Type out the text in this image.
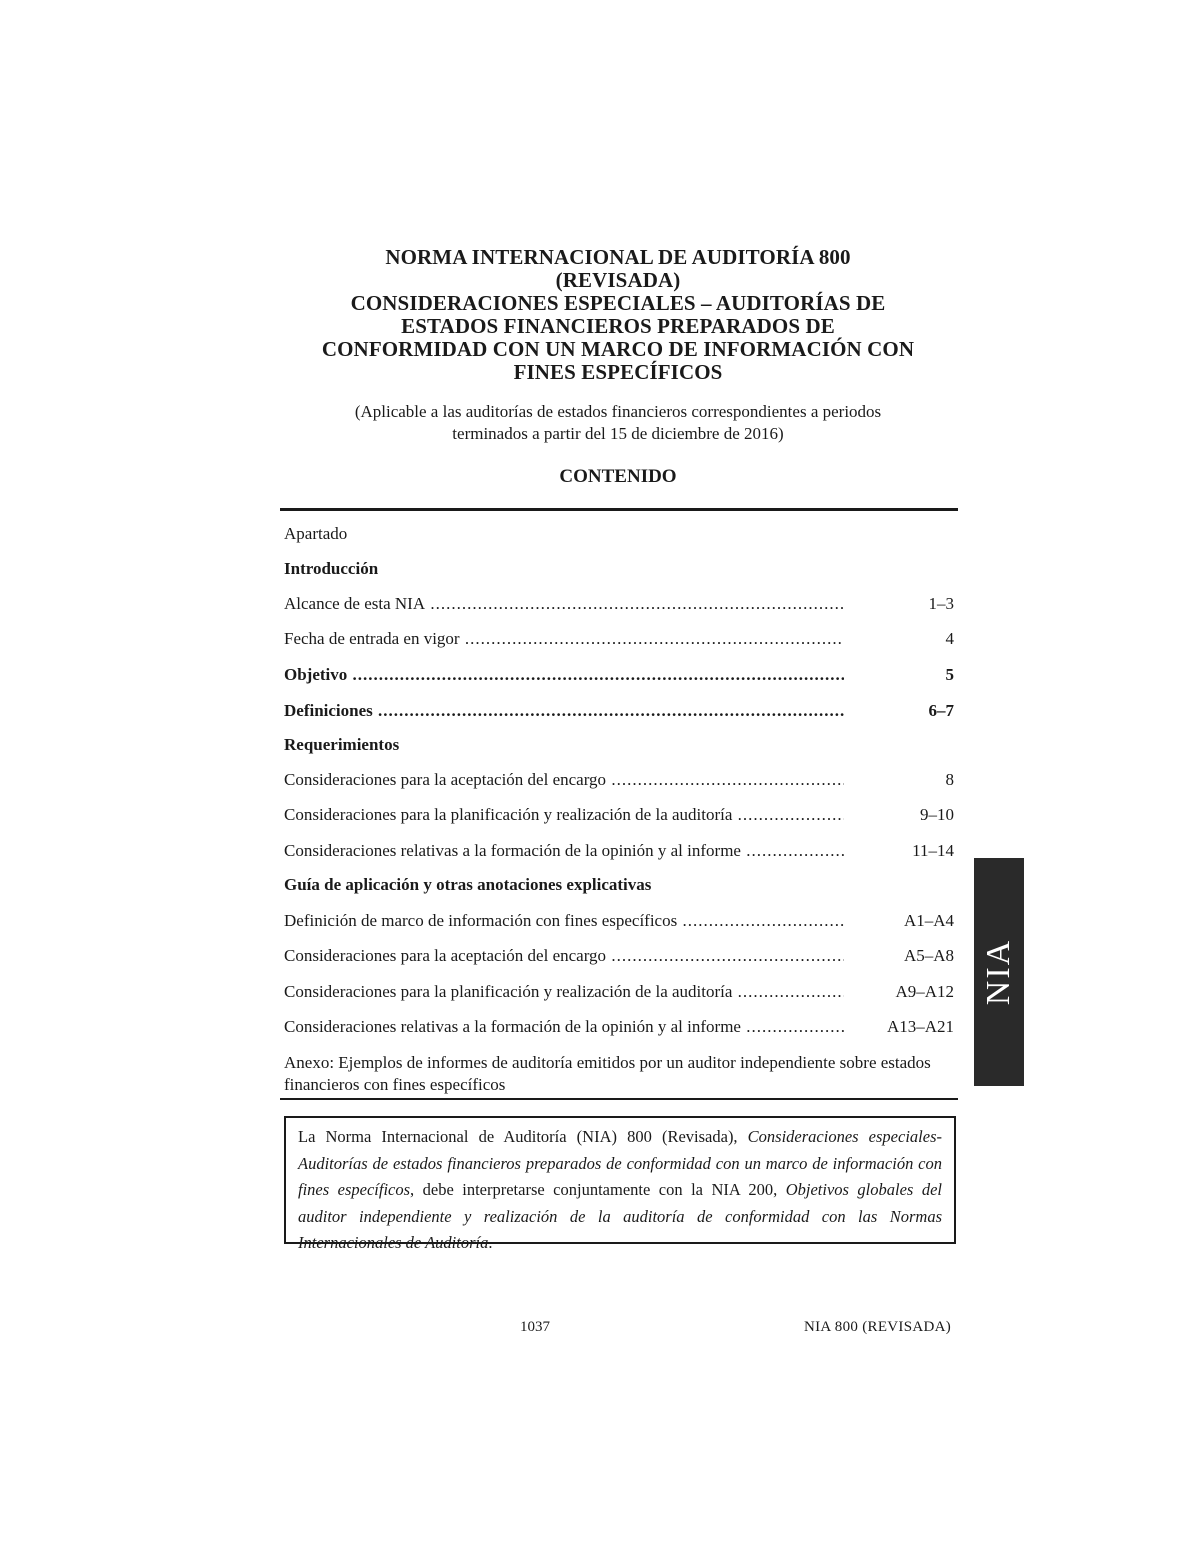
NORMA INTERNACIONAL DE AUDITORÍA 800
(REVISADA)
CONSIDERACIONES ESPECIALES – AUDITORÍAS DE
ESTADOS FINANCIEROS PREPARADOS DE
CONFORMIDAD CON UN MARCO DE INFORMACIÓN CON
FINES ESPECÍFICOS
(Aplicable a las auditorías de estados financieros correspondientes a periodos
terminados a partir del 15 de diciembre de 2016)
CONTENIDO
Apartado
Introducción
Alcance de esta NIA .....	1–3
Fecha de entrada en vigor .....	4
Objetivo .....	5
Definiciones .....	6–7
Requerimientos
Consideraciones para la aceptación del encargo .....	8
Consideraciones para la planificación y realización de la auditoría .....	9–10
Consideraciones relativas a la formación de la opinión y al informe .....	11–14
Guía de aplicación y otras anotaciones explicativas
Definición de marco de información con fines específicos .....	A1–A4
Consideraciones para la aceptación del encargo .....	A5–A8
Consideraciones para la planificación y realización de la auditoría .....	A9–A12
Consideraciones relativas a la formación de la opinión y al informe .....	A13–A21
Anexo: Ejemplos de informes de auditoría emitidos por un auditor independiente sobre estados financieros con fines específicos
La Norma Internacional de Auditoría (NIA) 800 (Revisada), Consideraciones especiales-Auditorías de estados financieros preparados de conformidad con un marco de información con fines específicos, debe interpretarse conjuntamente con la NIA 200, Objetivos globales del auditor independiente y realización de la auditoría de conformidad con las Normas Internacionales de Auditoría.
1037	NIA 800 (REVISADA)
NIA
